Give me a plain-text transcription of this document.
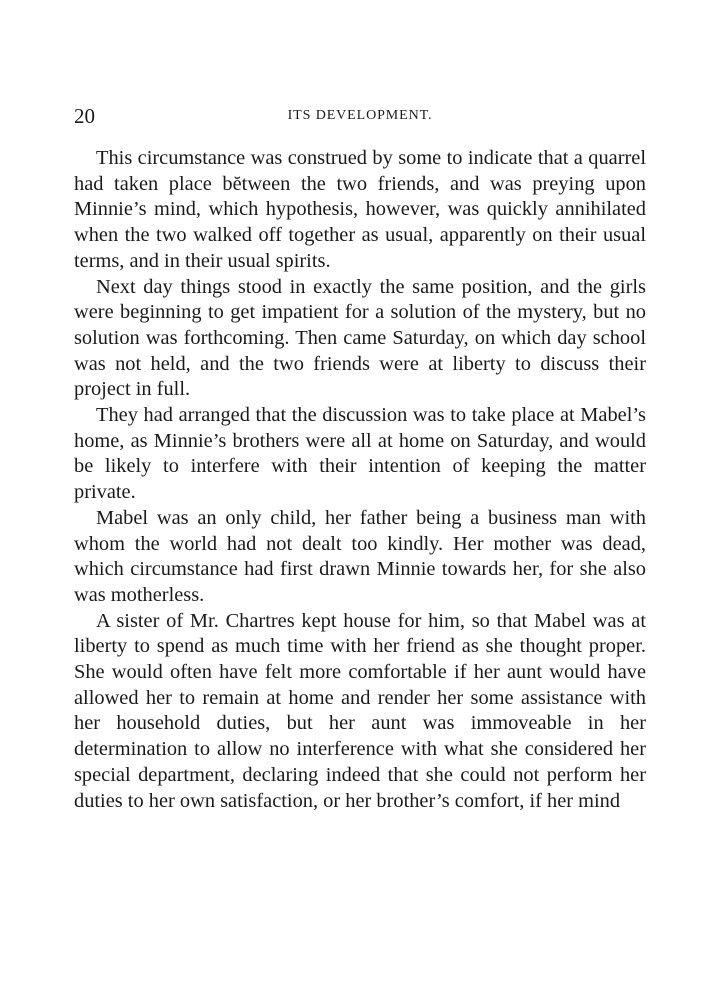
20	ITS DEVELOPMENT.

This circumstance was construed by some to indicate that a quarrel had taken place bĕtween the two friends, and was preying upon Minnie’s mind, which hypothesis, however, was quickly annihilated when the two walked off together as usual, apparently on their usual terms, and in their usual spirits.

Next day things stood in exactly the same position, and the girls were beginning to get impatient for a solution of the mystery, but no solution was forthcoming. Then came Saturday, on which day school was not held, and the two friends were at liberty to discuss their project in full.

They had arranged that the discussion was to take place at Mabel’s home, as Minnie’s brothers were all at home on Saturday, and would be likely to interfere with their intention of keeping the matter private.

Mabel was an only child, her father being a business man with whom the world had not dealt too kindly. Her mother was dead, which circumstance had first drawn Minnie towards her, for she also was motherless.

A sister of Mr. Chartres kept house for him, so that Mabel was at liberty to spend as much time with her friend as she thought proper. She would often have felt more comfortable if her aunt would have allowed her to remain at home and render her some assistance with her household duties, but her aunt was immoveable in her determination to allow no interference with what she considered her special department, declaring indeed that she could not perform her duties to her own satisfaction, or her brother’s comfort, if her mind
